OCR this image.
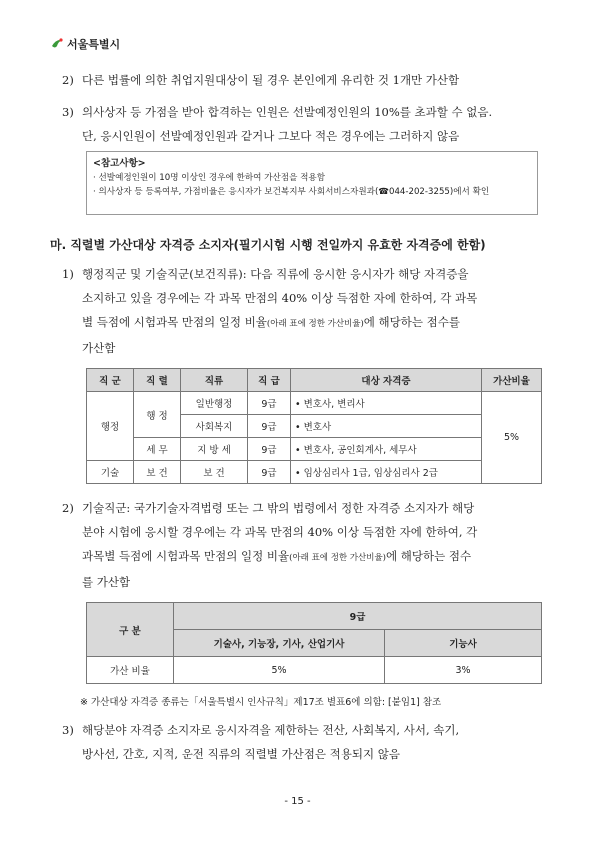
서울특별시
2) 다른 법률에 의한 취업지원대상이 될 경우 본인에게 유리한 것 1개만 가산함
3) 의사상자 등 가점을 받아 합격하는 인원은 선발예정인원의 10%를 초과할 수 없음.
단, 응시인원이 선발예정인원과 같거나 그보다 적은 경우에는 그러하지 않음
<참고사항>
· 선발예정인원이 10명 이상인 경우에 한하여 가산점을 적용함
· 의사상자 등 등록여부, 가점비율은 응시자가 보건복지부 사회서비스자원과(☎044-202-3255)에서 확인
마. 직렬별 가산대상 자격증 소지자(필기시험 시행 전일까지 유효한 자격증에 한함)
1) 행정직군 및 기술직군(보건직류): 다음 직류에 응시한 응시자가 해당 자격증을
소지하고 있을 경우에는 각 과목 만점의 40% 이상 득점한 자에 한하여, 각 과목
별 득점에 시험과목 만점의 일정 비율(아래 표에 정한 가산비율)에 해당하는 점수를
가산함
직 군	직 렬	직류	직 급	대상 자격증	가산비율
행정	행 정	일반행정	9급	• 변호사, 변리사	5%
		사회복지	9급	• 변호사	
	세 무	지 방 세	9급	• 변호사, 공인회계사, 세무사	
기술	보 건	보 건	9급	• 임상심리사 1급, 임상심리사 2급	
2) 기술직군: 국가기술자격법령 또는 그 밖의 법령에서 정한 자격증 소지자가 해당
분야 시험에 응시할 경우에는 각 과목 만점의 40% 이상 득점한 자에 한하여, 각
과목별 득점에 시험과목 만점의 일정 비율(아래 표에 정한 가산비율)에 해당하는 점수
를 가산함
구 분	9급	
	기술사, 기능장, 기사, 산업기사	기능사
가산 비율	5%	3%
※ 가산대상 자격증 종류는「서울특별시 인사규칙」제17조 별표6에 의함: [붙임1] 참조
3) 해당분야 자격증 소지자로 응시자격을 제한하는 전산, 사회복지, 사서, 속기,
방사선, 간호, 지적, 운전 직류의 직렬별 가산점은 적용되지 않음
- 15 -
